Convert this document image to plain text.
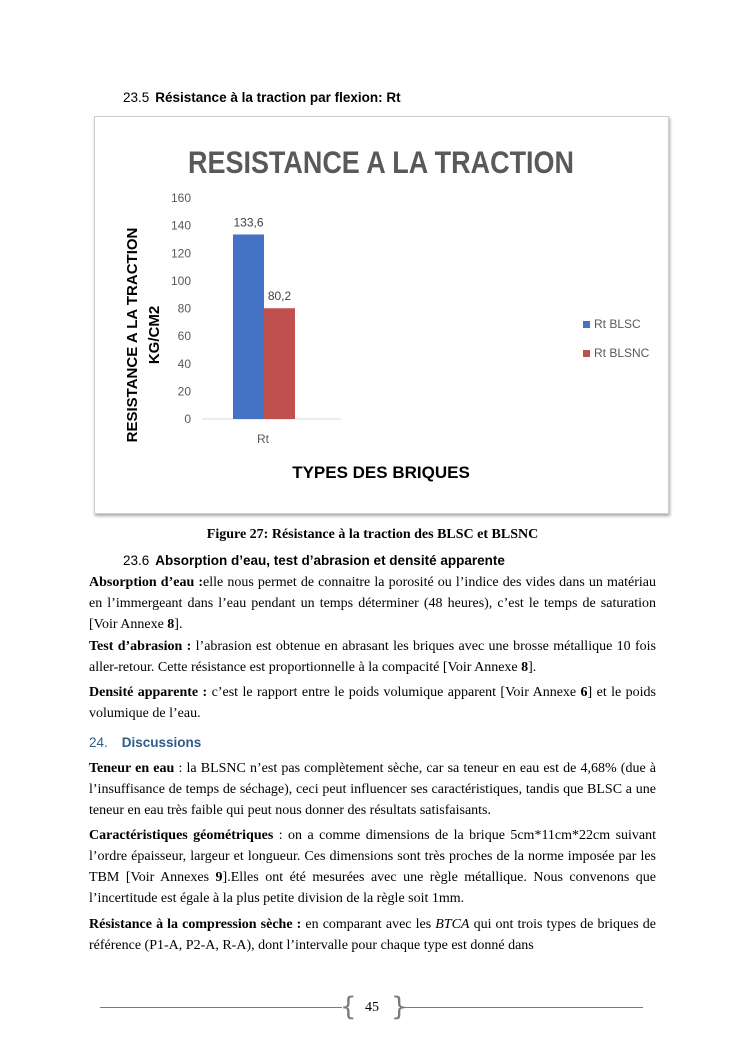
23.5 Résistance à la traction par flexion: Rt
RESISTANCE A LA TRACTION
RESISTANCE A LA TRACTION KG/CM2
0
20
40
60
80
100
120
140
160
133,6
80,2
Rt
TYPES DES BRIQUES
Rt BLSC
Rt BLSNC
Figure 27: Résistance à la traction des BLSC et BLSNC
23.6 Absorption d’eau, test d’abrasion et densité apparente
Absorption d’eau :elle nous permet de connaitre la porosité ou l’indice des vides dans un matériau en l’immergeant dans l’eau pendant un temps déterminer (48 heures), c’est le temps de saturation [Voir Annexe 8].
Test d’abrasion : l’abrasion est obtenue en abrasant les briques avec une brosse métallique 10 fois aller-retour. Cette résistance est proportionnelle à la compacité [Voir Annexe 8].
Densité apparente : c’est le rapport entre le poids volumique apparent [Voir Annexe 6] et le poids volumique de l’eau.
24. Discussions
Teneur en eau : la BLSNC n’est pas complètement sèche, car sa teneur en eau est de 4,68% (due à l’insuffisance de temps de séchage), ceci peut influencer ses caractéristiques, tandis que BLSC a une teneur en eau très faible qui peut nous donner des résultats satisfaisants.
Caractéristiques géométriques : on a comme dimensions de la brique 5cm*11cm*22cm suivant l’ordre épaisseur, largeur et longueur. Ces dimensions sont très proches de la norme imposée par les TBM [Voir Annexes 9].Elles ont été mesurées avec une règle métallique. Nous convenons que l’incertitude est égale à la plus petite division de la règle soit 1mm.
Résistance à la compression sèche : en comparant avec les BTCA qui ont trois types de briques de référence (P1-A, P2-A, R-A), dont l’intervalle pour chaque type est donné dans
{ }
45
